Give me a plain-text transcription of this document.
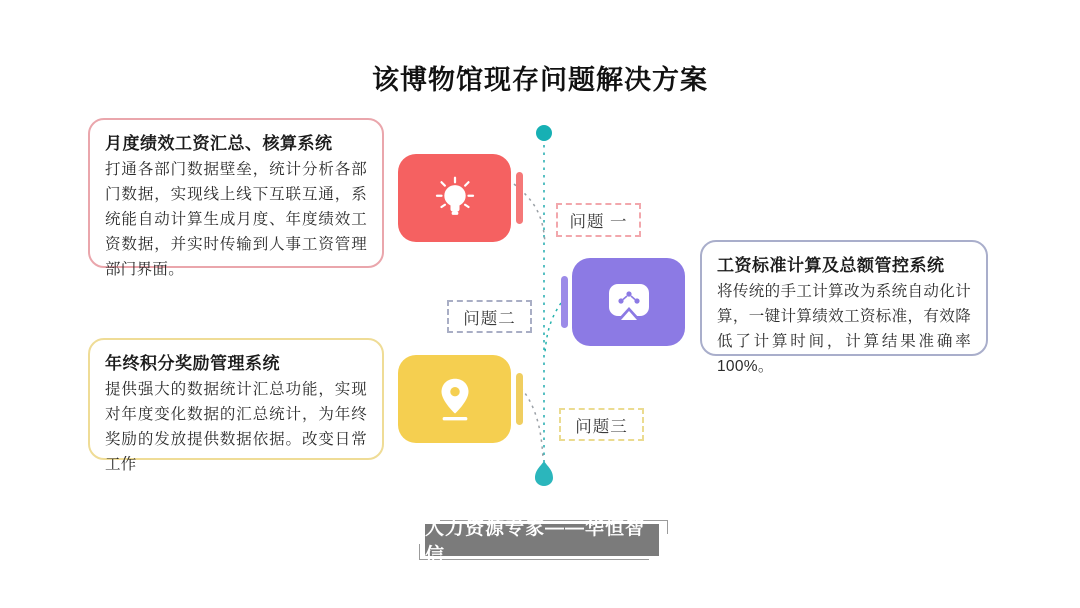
该博物馆现存问题解决方案
月度绩效工资汇总、核算系统

打通各部门数据壁垒，统计分析各部门数据，实现线上线下互联互通，系统能自动计算生成月度、年度绩效工资数据，并实时传输到人事工资管理部门界面。

年终积分奖励管理系统

提供强大的数据统计汇总功能，实现对年度变化数据的汇总统计，为年终奖励的发放提供数据依据。改变日常工作

工资标准计算及总额管控系统

将传统的手工计算改为系统自动化计算，一键计算绩效工资标准，有效降低了计算时间，计算结果准确率100%。

问题 一
问题二
问题三
人力资源专家——华恒智信
